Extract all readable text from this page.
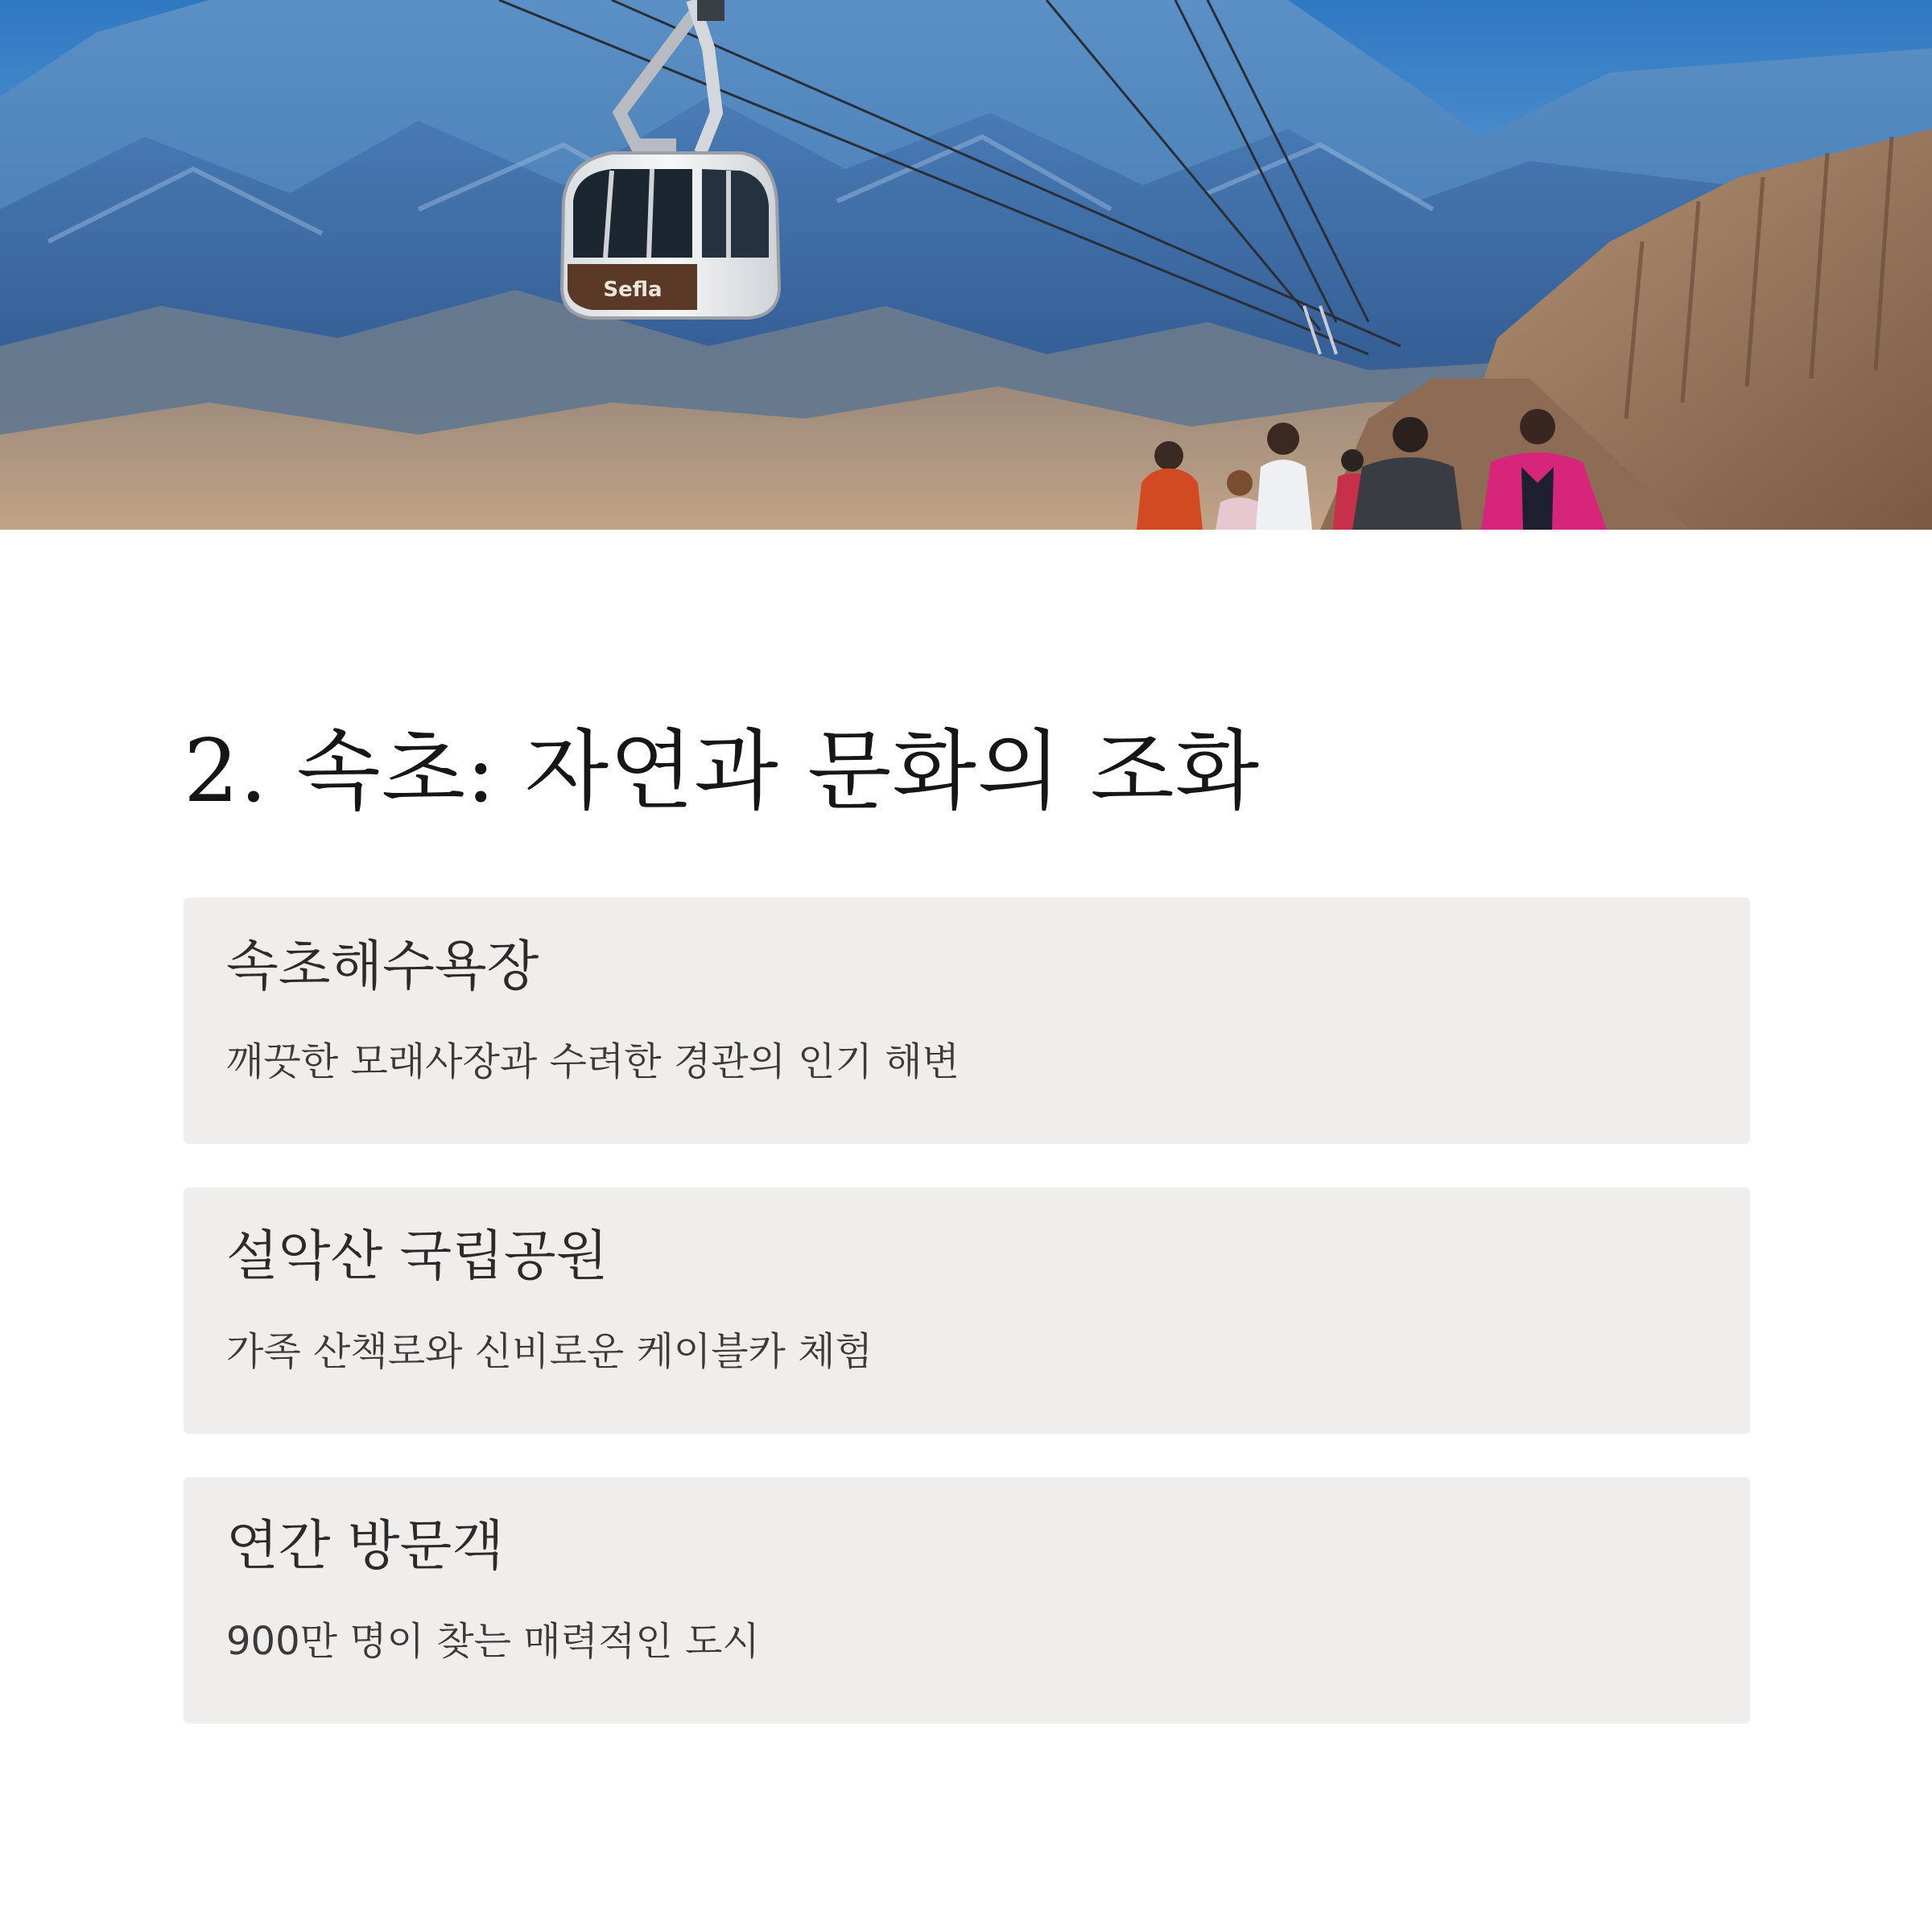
Sefla
2. 속초: 자연과 문화의 조화
속초해수욕장

깨끗한 모래사장과 수려한 경관의 인기 해변

설악산 국립공원

가족 산책로와 신비로운 케이블카 체험

연간 방문객

900만 명이 찾는 매력적인 도시
